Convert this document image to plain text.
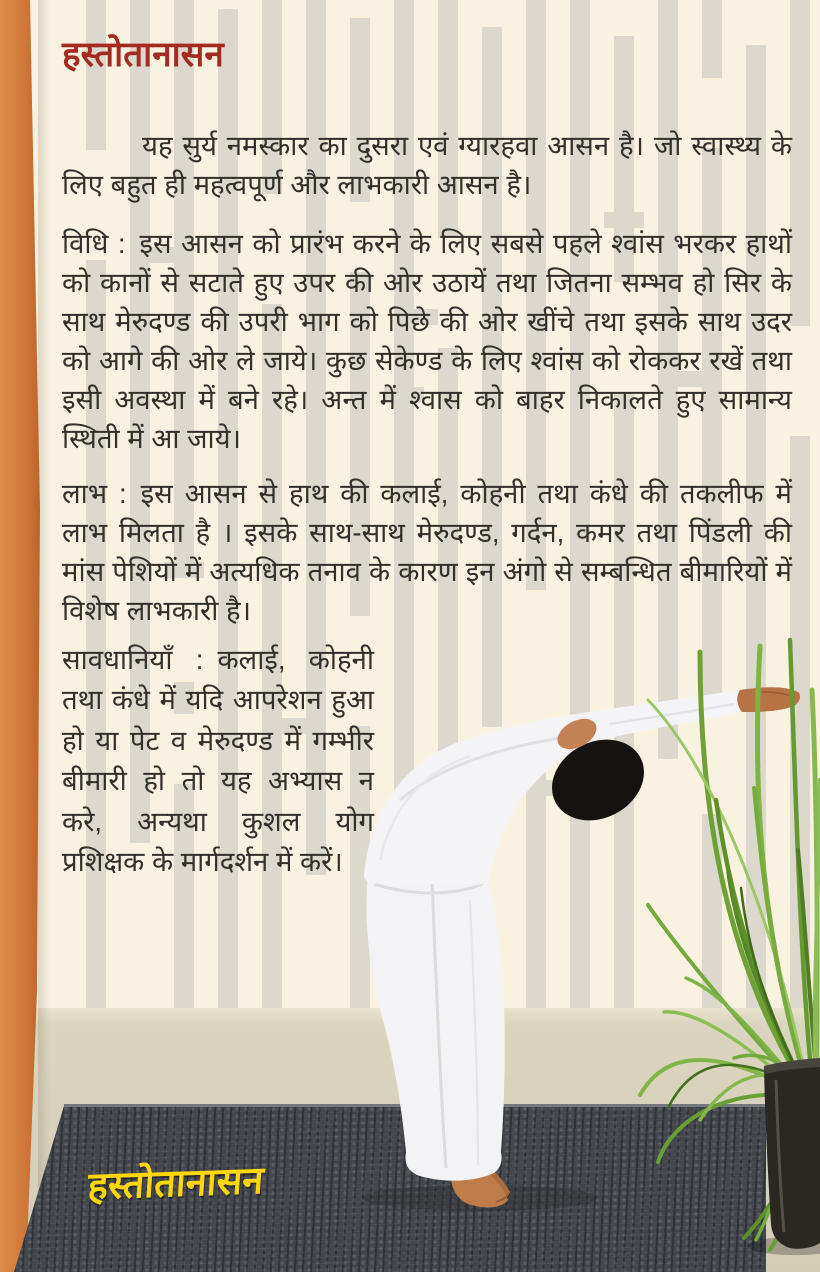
हस्तोतानासन
हस्तोतानासन

यह सुर्य नमस्कार का दुसरा एवं ग्यारहवा आसन है। जो स्वास्थ्य के लिए बहुत ही महत्वपूर्ण और लाभकारी आसन है।

विधि : इस आसन को प्रारंभ करने के लिए सबसे पहले श्वांस भरकर हाथों को कानों से सटाते हुए उपर की ओर उठायें तथा जितना सम्भव हो सिर के साथ मेरुदण्ड की उपरी भाग को पिछे की ओर खींचे तथा इसके साथ उदर को आगे की ओर ले जाये। कुछ सेकेण्ड के लिए श्वांस को रोककर रखें तथा इसी अवस्था में बने रहे। अन्त में श्वास को बाहर निकालते हुए सामान्य स्थिती में आ जाये।

लाभ : इस आसन से हाथ की कलाई, कोहनी तथा कंधे की तकलीफ में लाभ मिलता है । इसके साथ-साथ मेरुदण्ड, गर्दन, कमर तथा पिंडली की मांस पेशियों में अत्यधिक तनाव के कारण इन अंगो से सम्बन्धित बीमारियों में विशेष लाभकारी है।

सावधानियाँ : कलाई, कोहनी तथा कंधे में यदि आपरेशन हुआ हो या पेट व मेरुदण्ड में गम्भीर बीमारी हो तो यह अभ्यास न करे, अन्यथा कुशल योग प्रशिक्षक के मार्गदर्शन में करें।
